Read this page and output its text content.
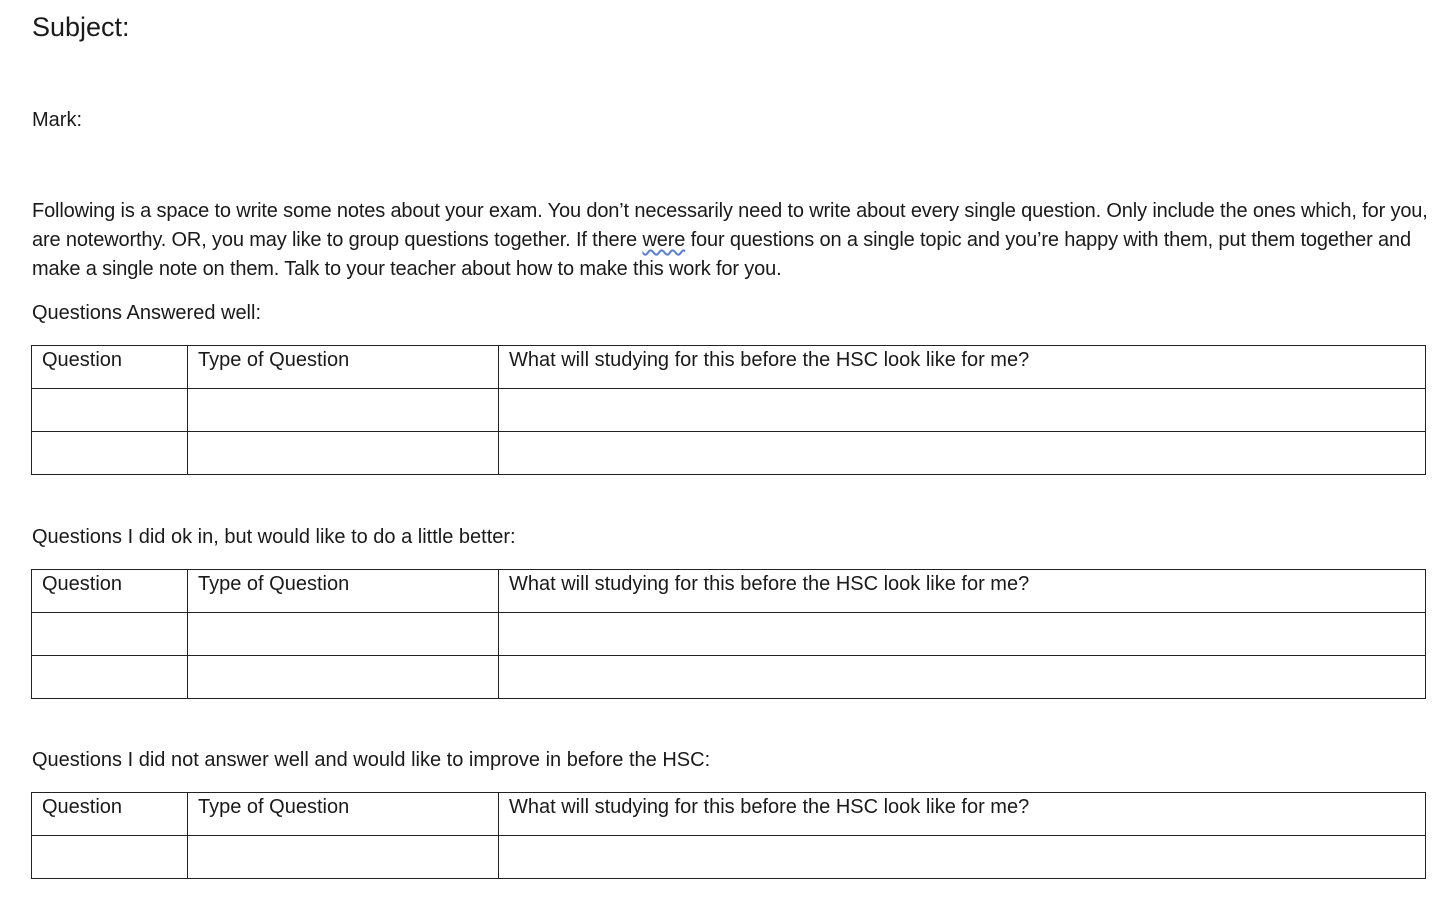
Subject:

Mark:

Following is a space to write some notes about your exam. You don’t necessarily need to write about every single question. Only include the ones which, for you, are noteworthy. OR, you may like to group questions together. If there were four questions on a single topic and you’re happy with them, put them together and make a single note on them. Talk to your teacher about how to make this work for you.

Questions Answered well:

Question	Type of Question	What will studying for this before the HSC look like for me?

Questions I did ok in, but would like to do a little better:

Question	Type of Question	What will studying for this before the HSC look like for me?

Questions I did not answer well and would like to improve in before the HSC:

Question	Type of Question	What will studying for this before the HSC look like for me?
